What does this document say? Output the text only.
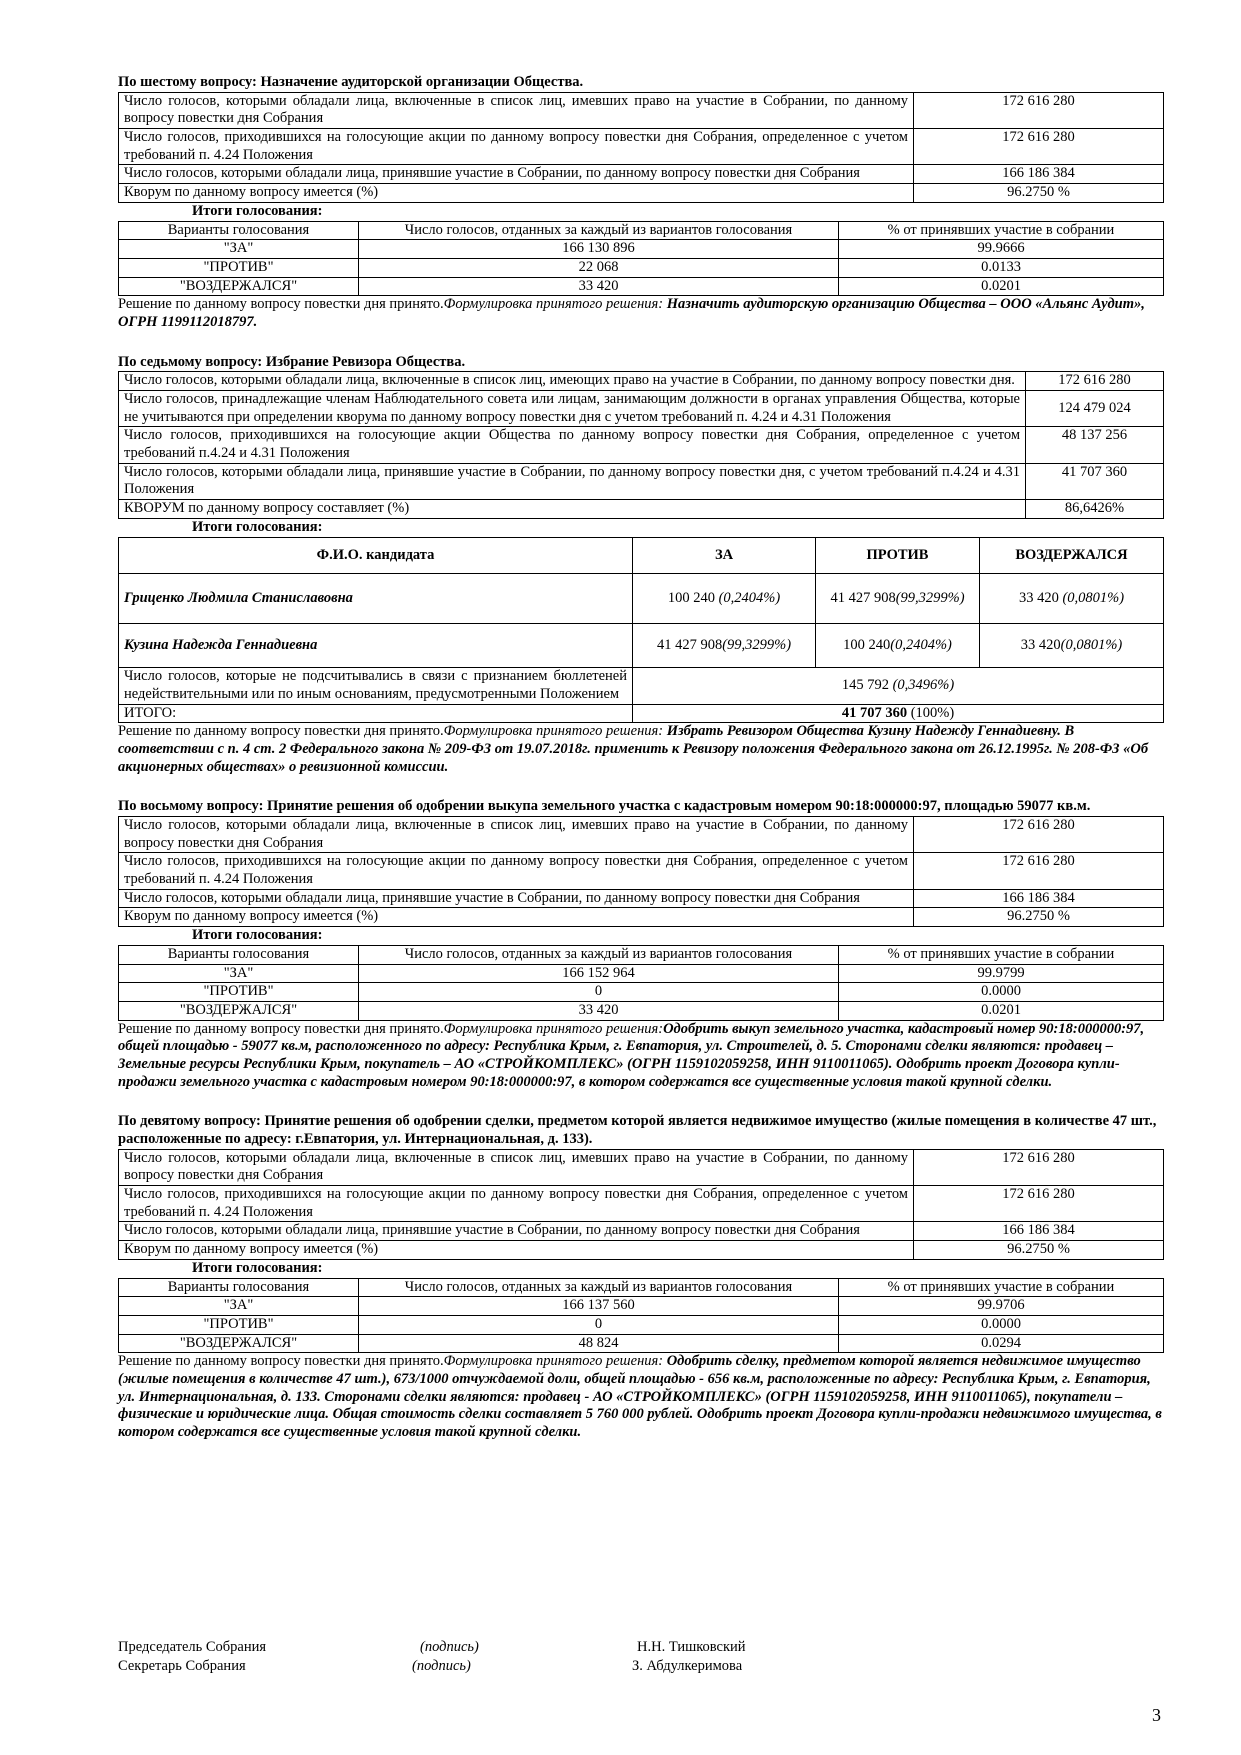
По шестому вопросу: Назначение аудиторской организации Общества.

Число голосов, которыми обладали лица, включенные в список лиц, имевших право на участие в Собрании, по данному вопросу повестки дня Собрания	172 616 280
Число голосов, приходившихся на голосующие акции по данному вопросу повестки дня Собрания, определенное с учетом требований п. 4.24 Положения	172 616 280
Число голосов, которыми обладали лица, принявшие участие в Собрании, по данному вопросу повестки дня Собрания	166 186 384
Кворум по данному вопросу имеется (%)	96.2750 %

Итоги голосования:

Варианты голосования	Число голосов, отданных за каждый из вариантов голосования	% от принявших участие в собрании
"ЗА"	166 130 896	99.9666
"ПРОТИВ"	22 068	0.0133
"ВОЗДЕРЖАЛСЯ"	33 420	0.0201

Решение по данному вопросу повестки дня принято.Формулировка принятого решения: Назначить аудиторскую организацию Общества – ООО «Альянс Аудит», ОГРН 1199112018797.

По седьмому вопросу: Избрание Ревизора Общества.

Число голосов, которыми обладали лица, включенные в список лиц, имеющих право на участие в Собрании, по данному вопросу повестки дня.	172 616 280
Число голосов, принадлежащие членам Наблюдательного совета или лицам, занимающим должности в органах управления Общества, которые не учитываются при определении кворума по данному вопросу повестки дня с учетом требований п. 4.24 и 4.31 Положения	124 479 024
Число голосов, приходившихся на голосующие акции Общества по данному вопросу повестки дня Собрания, определенное с учетом требований п.4.24 и 4.31 Положения	48 137 256
Число голосов, которыми обладали лица, принявшие участие в Собрании, по данному вопросу повестки дня, с учетом требований п.4.24 и 4.31 Положения	41 707 360
КВОРУМ по данному вопросу составляет (%)	86,6426%

Итоги голосования:

Ф.И.О. кандидата	ЗА	ПРОТИВ	ВОЗДЕРЖАЛСЯ
Гриценко Людмила Станиславовна	100 240 (0,2404%)	41 427 908(99,3299%)	33 420 (0,0801%)
Кузина Надежда Геннадиевна	41 427 908(99,3299%)	100 240(0,2404%)	33 420(0,0801%)
Число голосов, которые не подсчитывались в связи с признанием бюллетеней недействительными или по иным основаниям, предусмотренными Положением	145 792 (0,3496%)		
ИТОГО:	41 707 360 (100%)		

Решение по данному вопросу повестки дня принято.Формулировка принятого решения: Избрать Ревизором Общества Кузину Надежду Геннадиевну. В соответствии с п. 4 ст. 2 Федерального закона № 209-ФЗ от 19.07.2018г. применить к Ревизору положения Федерального закона от 26.12.1995г. № 208-ФЗ «Об акционерных обществах» о ревизионной комиссии.

По восьмому вопросу: Принятие решения об одобрении выкупа земельного участка с кадастровым номером 90:18:000000:97, площадью 59077 кв.м.

Число голосов, которыми обладали лица, включенные в список лиц, имевших право на участие в Собрании, по данному вопросу повестки дня Собрания	172 616 280
Число голосов, приходившихся на голосующие акции по данному вопросу повестки дня Собрания, определенное с учетом требований п. 4.24 Положения	172 616 280
Число голосов, которыми обладали лица, принявшие участие в Собрании, по данному вопросу повестки дня Собрания	166 186 384
Кворум по данному вопросу имеется (%)	96.2750 %

Итоги голосования:

Варианты голосования	Число голосов, отданных за каждый из вариантов голосования	% от принявших участие в собрании
"ЗА"	166 152 964	99.9799
"ПРОТИВ"	0	0.0000
"ВОЗДЕРЖАЛСЯ"	33 420	0.0201

Решение по данному вопросу повестки дня принято.Формулировка принятого решения:Одобрить выкуп земельного участка, кадастровый номер 90:18:000000:97, общей площадью - 59077 кв.м, расположенного по адресу: Республика Крым, г. Евпатория, ул. Строителей, д. 5. Сторонами сделки являются: продавец – Земельные ресурсы Республики Крым, покупатель – АО «СТРОЙКОМПЛЕКС» (ОГРН 1159102059258, ИНН 9110011065). Одобрить проект Договора купли-продажи земельного участка с кадастровым номером 90:18:000000:97, в котором содержатся все существенные условия такой крупной сделки.

По девятому вопросу: Принятие решения об одобрении сделки, предметом которой является недвижимое имущество (жилые помещения в количестве 47 шт., расположенные по адресу: г.Евпатория, ул. Интернациональная, д. 133).

Число голосов, которыми обладали лица, включенные в список лиц, имевших право на участие в Собрании, по данному вопросу повестки дня Собрания	172 616 280
Число голосов, приходившихся на голосующие акции по данному вопросу повестки дня Собрания, определенное с учетом требований п. 4.24 Положения	172 616 280
Число голосов, которыми обладали лица, принявшие участие в Собрании, по данному вопросу повестки дня Собрания	166 186 384
Кворум по данному вопросу имеется (%)	96.2750 %

Итоги голосования:

Варианты голосования	Число голосов, отданных за каждый из вариантов голосования	% от принявших участие в собрании
"ЗА"	166 137 560	99.9706
"ПРОТИВ"	0	0.0000
"ВОЗДЕРЖАЛСЯ"	48 824	0.0294

Решение по данному вопросу повестки дня принято.Формулировка принятого решения: Одобрить сделку, предметом которой является недвижимое имущество (жилые помещения в количестве 47 шт.), 673/1000 отчуждаемой доли, общей площадью - 656 кв.м, расположенные по адресу: Республика Крым, г. Евпатория, ул. Интернациональная, д. 133. Сторонами сделки являются: продавец - АО «СТРОЙКОМПЛЕКС» (ОГРН 1159102059258, ИНН 9110011065), покупатели – физические и юридические лица. Общая стоимость сделки составляет 5 760 000 рублей. Одобрить проект Договора купли-продажи недвижимого имущества, в котором содержатся все существенные условия такой крупной сделки.

Председатель Собрания	(подпись)	Н.Н. Тишковский
Секретарь Собрания	(подпись)	З. Абдулкеримова
3
